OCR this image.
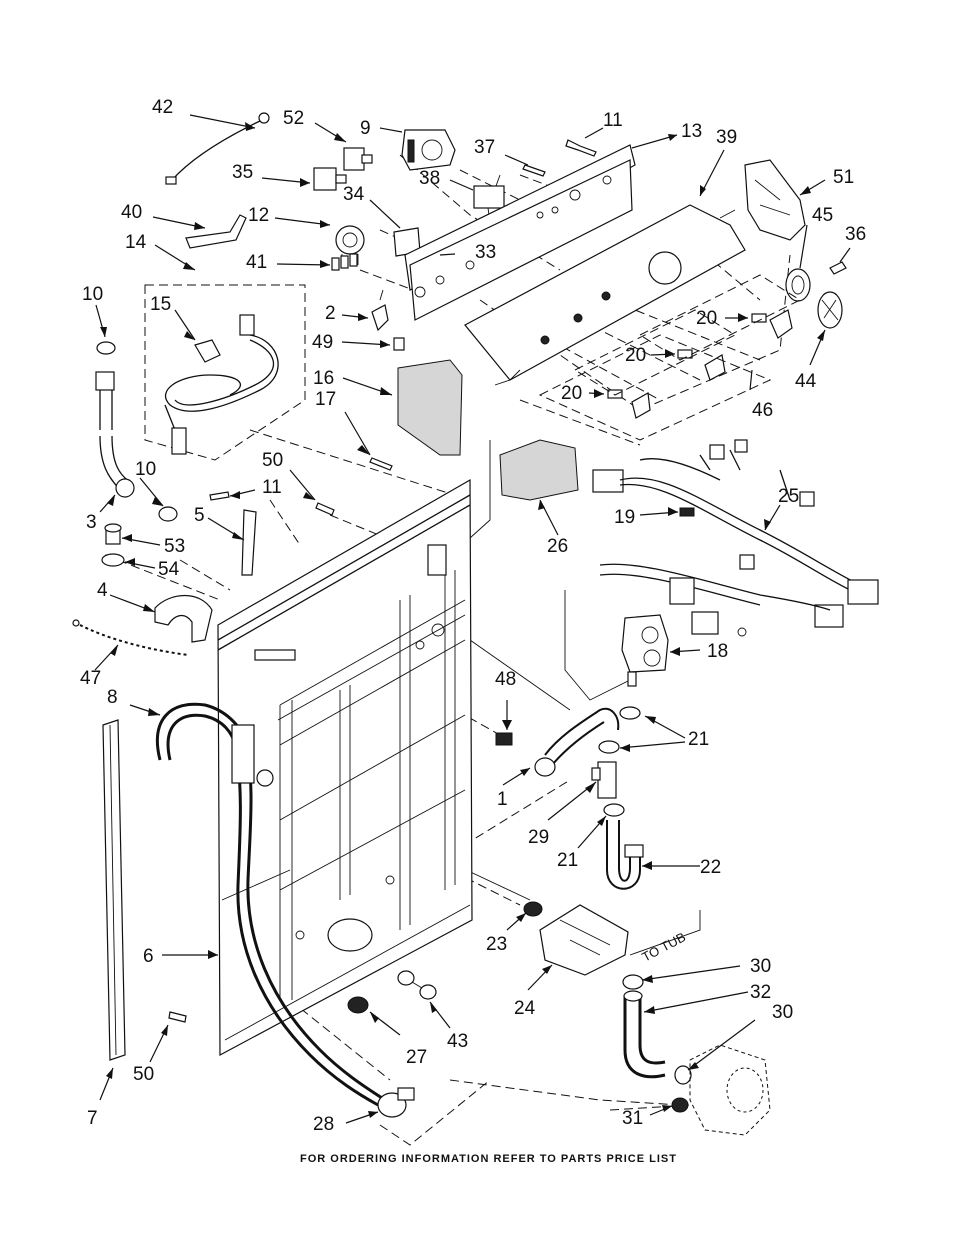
42
52	9	11
13 39
37
51
35	38
34
45
36
40	12
33
14
41
10 15	2	20
49
20
44
16
20
46
17
10	50
11	25
19
3	5
26
53
54
4
18
47	48
8
21
1
29
21	22
6
23
24
30
32
30
50
27
43
7	28	31
TO TUB
FOR ORDERING INFORMATION REFER TO PARTS PRICE LIST
